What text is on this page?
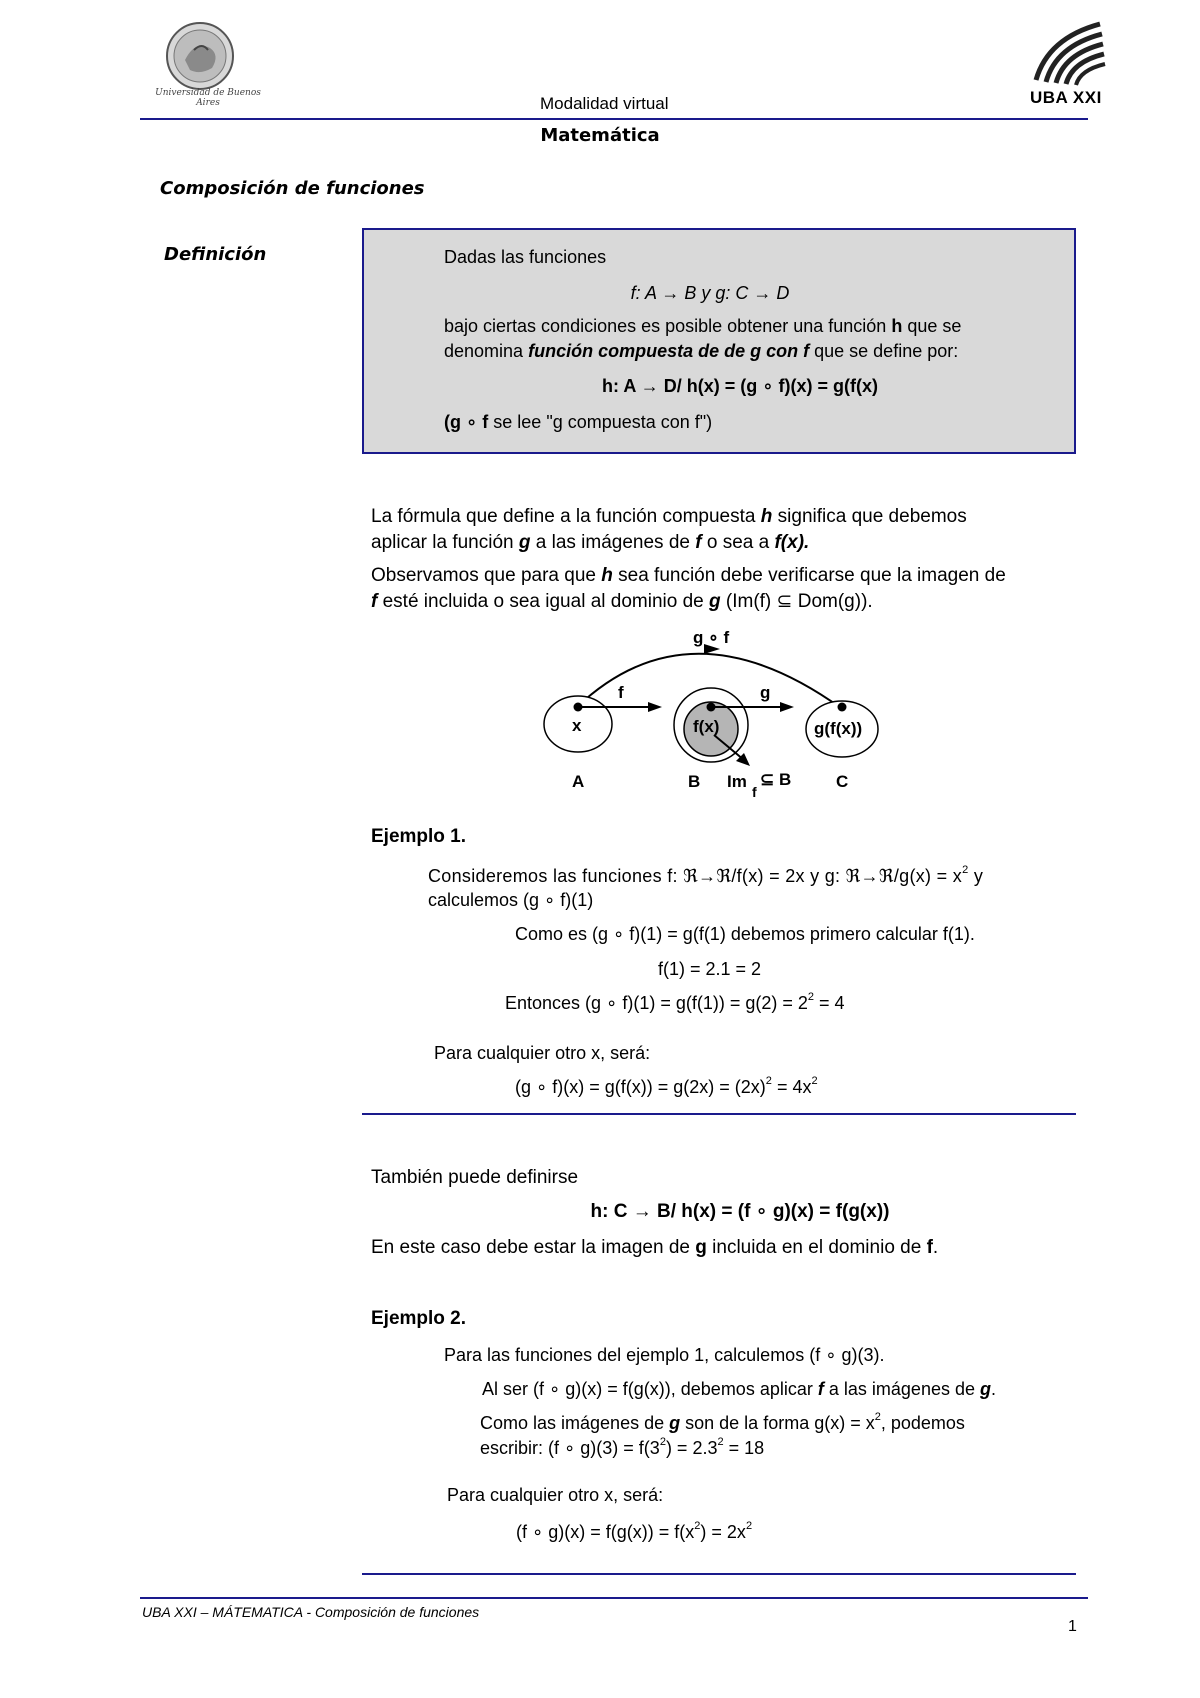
Universidad de Buenos Aires	Modalidad virtual	UBA XXI
Matemática
Composición de funciones
Definición	Dadas las funciones
f: A → B y g: C → D
bajo ciertas condiciones es posible obtener una función h que se
denomina función compuesta de de g con f que se define por:
h: A → D/ h(x) = (g ∘ f)(x) = g(f(x)
(g ∘ f se lee "g compuesta con f")
La fórmula que define a la función compuesta h significa que debemos
aplicar la función g a las imágenes de f o sea a f(x).
Observamos que para que h sea función debe verificarse que la imagen de
f esté incluida o sea igual al dominio de g (Im(f) ⊆ Dom(g)).
g ∘ f
f	g
x	f(x)	g(f(x))
A	B Im
f
⊆ B	C
Ejemplo 1.
Consideremos las funciones f: ℜ→ℜ/f(x) = 2x y g: ℜ→ℜ/g(x) = $x^2$ y
calculemos (g ∘ f)(1)
Como es (g ∘ f)(1) = g(f(1) debemos primero calcular f(1).
f(1) = 2.1 = 2
Entonces (g ∘ $f)(1) = g(f(1)) = g(2) = 2^2 = 4$
Para cualquier otro x, será:
(g ∘ $f)(x) = g(f(x)) = g(2x) = (2x)^2 = 4x^2$
También puede definirse
h: C → B/ h(x) = (f ∘ g)(x) = f(g(x))
En este caso debe estar la imagen de g incluida en el dominio de f.
Ejemplo 2.
Para las funciones del ejemplo 1, calculemos (f ∘ g)(3).
Al ser (f ∘ g)(x) = f(g(x)), debemos aplicar f a las imágenes de g.
Como las imágenes de g son de la forma $g(x) = x^2$, podemos
escribir: (f ∘ $g)(3) = f(3^2) = 2.3^2 = 18$
Para cualquier otro x, será:
(f ∘ $g)(x) = f(g(x)) = f(x^2) = 2x^2$
UBA XXI – MÁTEMATICA - Composición de funciones
1
